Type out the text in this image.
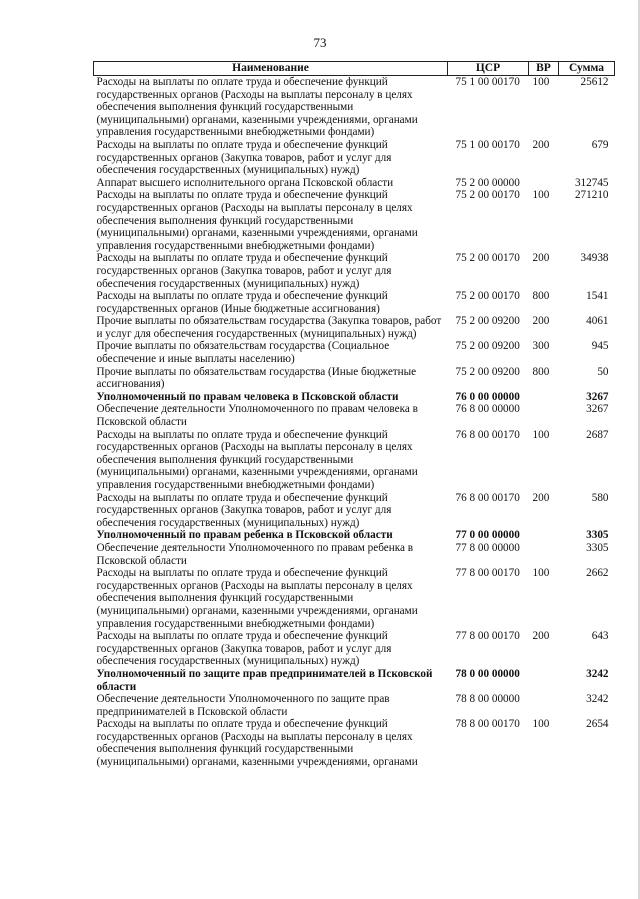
73
Наименование	ЦСР	ВР	Сумма
Расходы на выплаты по оплате труда и обеспечение функций государственных органов (Расходы на выплаты персоналу в целях обеспечения выполнения функций государственными (муниципальными) органами, казенными учреждениями, органами управления государственными внебюджетными фондами)	75 1 00 00170	100	25612
Расходы на выплаты по оплате труда и обеспечение функций государственных органов (Закупка товаров, работ и услуг для обеспечения государственных (муниципальных) нужд)	75 1 00 00170	200	679
Аппарат высшего исполнительного органа Псковской области	75 2 00 00000		312745
Расходы на выплаты по оплате труда и обеспечение функций государственных органов (Расходы на выплаты персоналу в целях обеспечения выполнения функций государственными (муниципальными) органами, казенными учреждениями, органами управления государственными внебюджетными фондами)	75 2 00 00170	100	271210
Расходы на выплаты по оплате труда и обеспечение функций государственных органов (Закупка товаров, работ и услуг для обеспечения государственных (муниципальных) нужд)	75 2 00 00170	200	34938
Расходы на выплаты по оплате труда и обеспечение функций государственных органов (Иные бюджетные ассигнования)	75 2 00 00170	800	1541
Прочие выплаты по обязательствам государства (Закупка товаров, работ и услуг для обеспечения государственных (муниципальных) нужд)	75 2 00 09200	200	4061
Прочие выплаты по обязательствам государства (Социальное обеспечение и иные выплаты населению)	75 2 00 09200	300	945
Прочие выплаты по обязательствам государства (Иные бюджетные ассигнования)	75 2 00 09200	800	50
Уполномоченный по правам человека в Псковской области	76 0 00 00000		3267
Обеспечение деятельности Уполномоченного по правам человека в Псковской области	76 8 00 00000		3267
Расходы на выплаты по оплате труда и обеспечение функций государственных органов (Расходы на выплаты персоналу в целях обеспечения выполнения функций государственными (муниципальными) органами, казенными учреждениями, органами управления государственными внебюджетными фондами)	76 8 00 00170	100	2687
Расходы на выплаты по оплате труда и обеспечение функций государственных органов (Закупка товаров, работ и услуг для обеспечения государственных (муниципальных) нужд)	76 8 00 00170	200	580
Уполномоченный по правам ребенка в Псковской области	77 0 00 00000		3305
Обеспечение деятельности Уполномоченного по правам ребенка в Псковской области	77 8 00 00000		3305
Расходы на выплаты по оплате труда и обеспечение функций государственных органов (Расходы на выплаты персоналу в целях обеспечения выполнения функций государственными (муниципальными) органами, казенными учреждениями, органами управления государственными внебюджетными фондами)	77 8 00 00170	100	2662
Расходы на выплаты по оплате труда и обеспечение функций государственных органов (Закупка товаров, работ и услуг для обеспечения государственных (муниципальных) нужд)	77 8 00 00170	200	643
Уполномоченный по защите прав предпринимателей в Псковской области	78 0 00 00000		3242
Обеспечение деятельности Уполномоченного по защите прав предпринимателей в Псковской области	78 8 00 00000		3242
Расходы на выплаты по оплате труда и обеспечение функций государственных органов (Расходы на выплаты персоналу в целях обеспечения выполнения функций государственными (муниципальными) органами, казенными учреждениями, органами	78 8 00 00170	100	2654
